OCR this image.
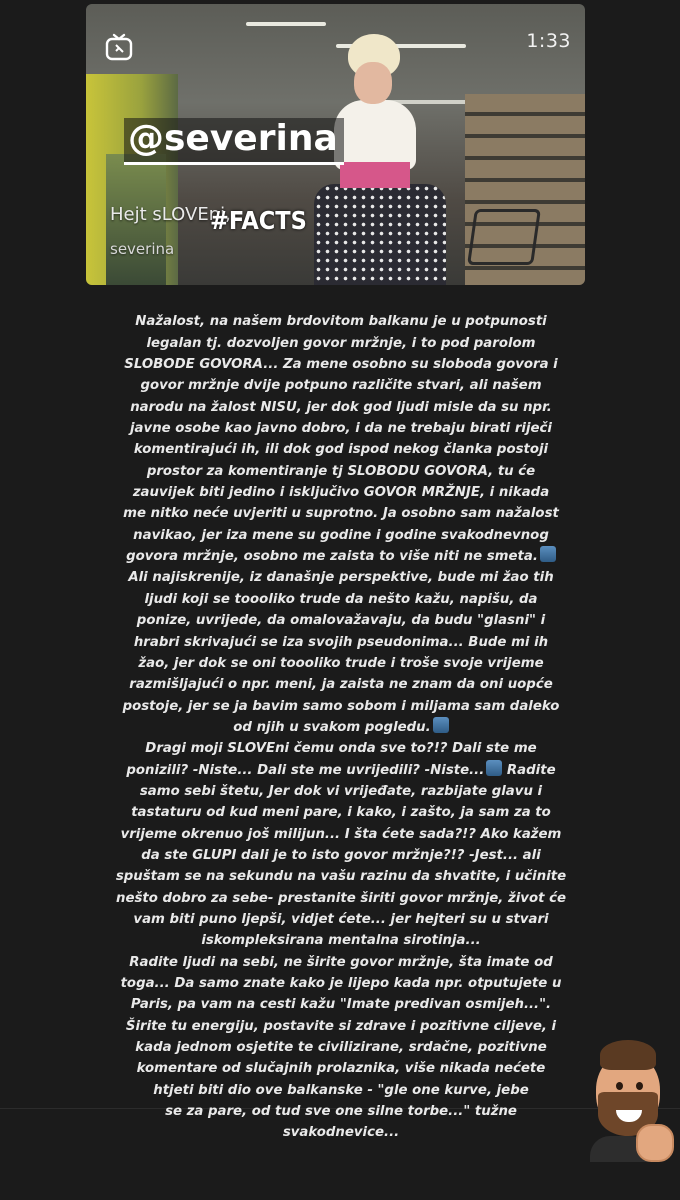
1:33
Hejt sLOVEni,
severina
@severina
#FACTS

Nažalost, na našem brdovitom balkanu je u potpunosti
legalan tj. dozvoljen govor mržnje, i to pod parolom
SLOBODE GOVORA... Za mene osobno su sloboda govora i
govor mržnje dvije potpuno različite stvari, ali našem
narodu na žalost NISU, jer dok god ljudi misle da su npr.
javne osobe kao javno dobro, i da ne trebaju birati riječi
komentirajući ih, ili dok god ispod nekog članka postoji
prostor za komentiranje tj SLOBODU GOVORA, tu će
zauvijek biti jedino i isključivo GOVOR MRŽNJE, i nikada
me nitko neće uvjeriti u suprotno. Ja osobno sam nažalost
navikao, jer iza mene su godine i godine svakodnevnog
govora mržnje, osobno me zaista to više niti ne smeta.
Ali najiskrenije, iz današnje perspektive, bude mi žao tih
ljudi koji se toooliko trude da nešto kažu, napišu, da
ponize, uvrijede, da omalovažavaju, da budu "glasni" i
hrabri skrivajući se iza svojih pseudonima... Bude mi ih
žao, jer dok se oni toooliko trude i troše svoje vrijeme
razmišljajući o npr. meni, ja zaista ne znam da oni uopće
postoje, jer se ja bavim samo sobom i miljama sam daleko
od njih u svakom pogledu.
Dragi moji SLOVEni čemu onda sve to?!? Dali ste me
ponizili? -Niste... Dali ste me uvrijedili? -Niste... Radite
samo sebi štetu, Jer dok vi vrijeđate, razbijate glavu i
tastaturu od kud meni pare, i kako, i zašto, ja sam za to
vrijeme okrenuo još milijun... I šta ćete sada?!? Ako kažem
da ste GLUPI dali je to isto govor mržnje?!? -Jest... ali
spuštam se na sekundu na vašu razinu da shvatite, i učinite
nešto dobro za sebe- prestanite širiti govor mržnje, život će
vam biti puno ljepši, vidjet ćete... jer hejteri su u stvari
iskompleksirana mentalna sirotinja...
Radite ljudi na sebi, ne širite govor mržnje, šta imate od
toga... Da samo znate kako je lijepo kada npr. otputujete u
Paris, pa vam na cesti kažu "Imate predivan osmijeh...".
Širite tu energiju, postavite si zdrave i pozitivne ciljeve, i
kada jednom osjetite te civilizirane, srdačne, pozitivne
komentare od slučajnih prolaznika, više nikada nećete
htjeti biti dio ove balkanske - "gle one kurve, jebe
se za pare, od tud sve one silne torbe..." tužne
svakodnevice...
